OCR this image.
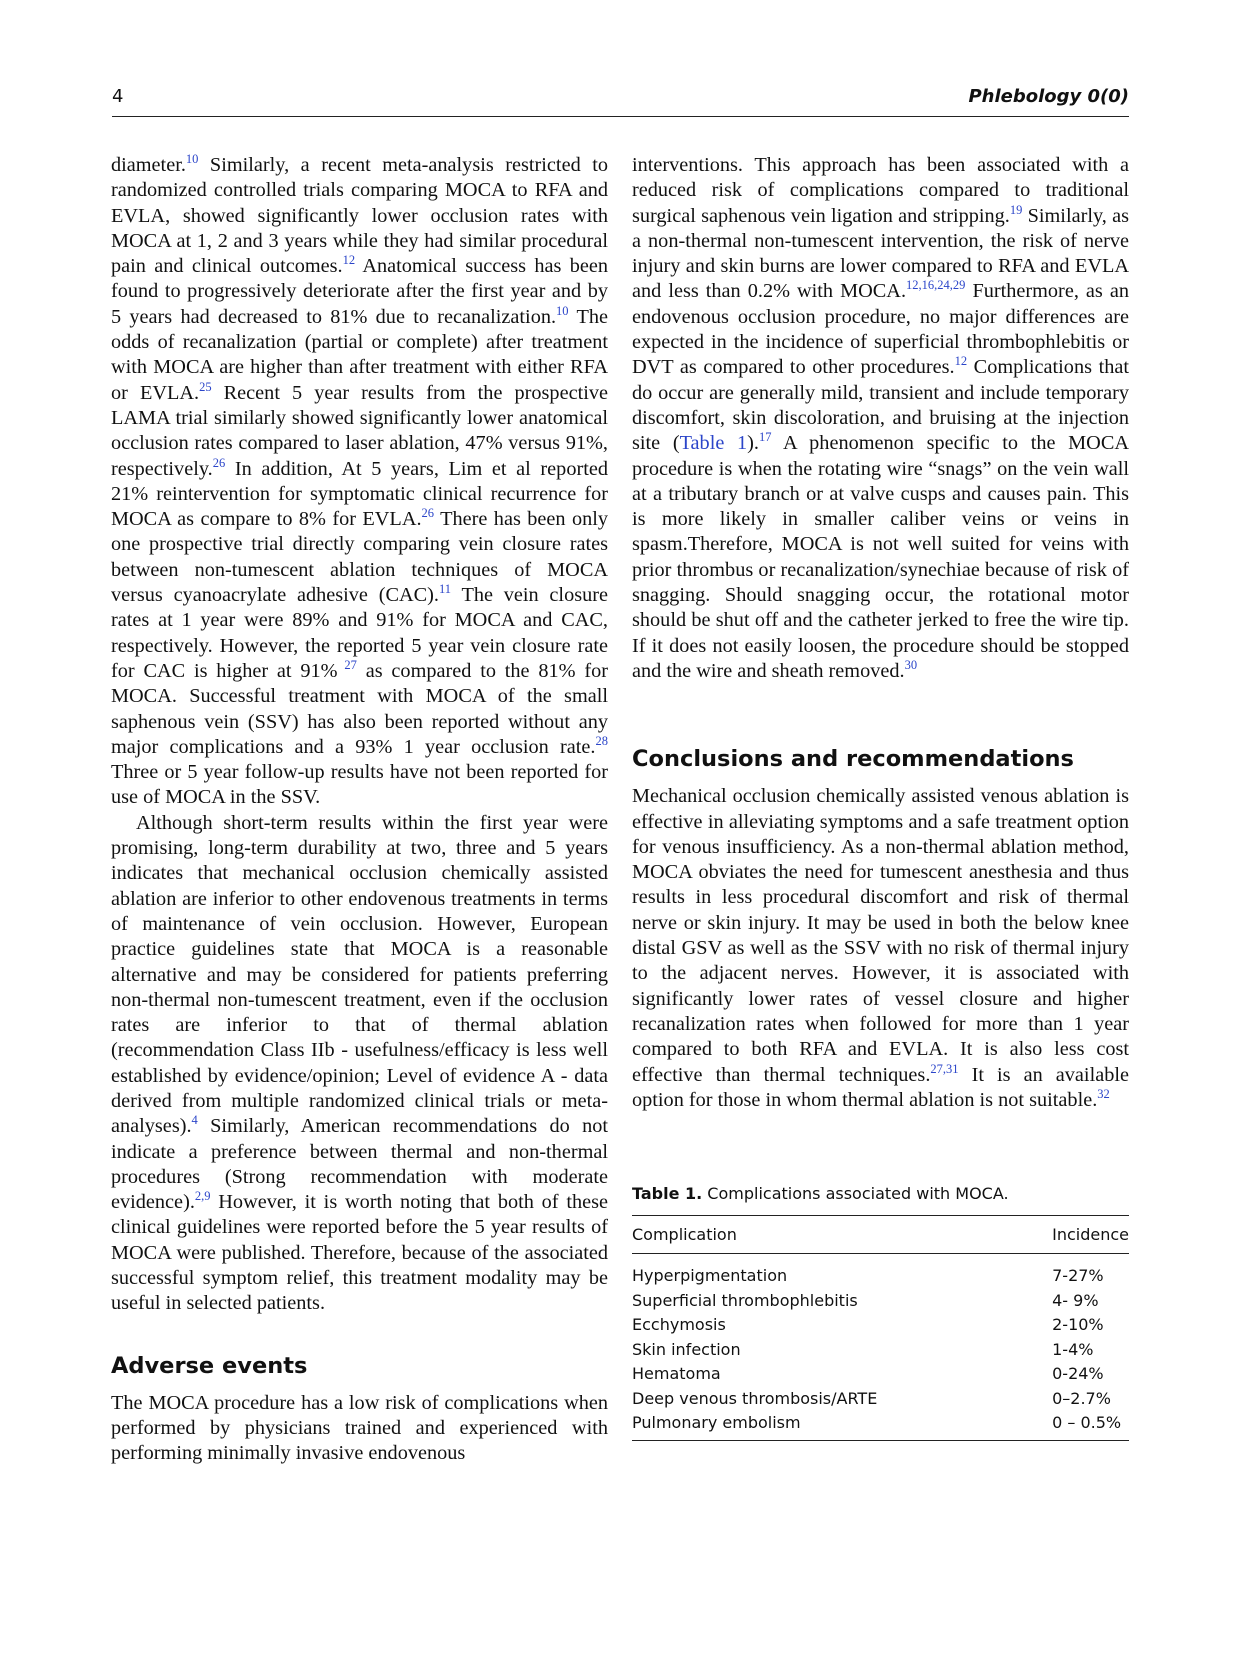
4	Phlebology 0(0)

diameter.$^{10}$ Similarly, a recent meta-analysis restricted to randomized controlled trials comparing MOCA to RFA and EVLA, showed significantly lower occlusion rates with MOCA at 1, 2 and 3 years while they had similar procedural pain and clinical outcomes.$^{12}$ Anatomical success has been found to progressively deteriorate after the first year and by 5 years had decreased to 81% due to recanalization.$^{10}$ The odds of recanalization (partial or complete) after treatment with MOCA are higher than after treatment with either RFA or EVLA.$^{25}$ Recent 5 year results from the prospective LAMA trial similarly showed significantly lower anatomical occlusion rates compared to laser ablation, 47% versus 91%, respectively.$^{26}$ In addition, At 5 years, Lim et al reported 21% reintervention for symptomatic clinical recurrence for MOCA as compare to 8% for EVLA.$^{26}$ There has been only one prospective trial directly comparing vein closure rates between non-tumescent ablation techniques of MOCA versus cyanoacrylate adhesive (CAC).$^{11}$ The vein closure rates at 1 year were 89% and 91% for MOCA and CAC, respectively. However, the reported 5 year vein closure rate for CAC is higher at 91% $^{27}$ as compared to the 81% for MOCA. Successful treatment with MOCA of the small saphenous vein (SSV) has also been reported without any major complications and a 93% 1 year occlusion rate.$^{28}$ Three or 5 year follow-up results have not been reported for use of MOCA in the SSV.

Although short-term results within the first year were promising, long-term durability at two, three and 5 years indicates that mechanical occlusion chemically assisted ablation are inferior to other endovenous treatments in terms of maintenance of vein occlusion. However, European practice guidelines state that MOCA is a reasonable alternative and may be considered for patients preferring non-thermal non-tumescent treatment, even if the occlusion rates are inferior to that of thermal ablation (recommendation Class IIb - usefulness/efficacy is less well established by evidence/opinion; Level of evidence A - data derived from multiple randomized clinical trials or meta-analyses).$^4$ Similarly, American recommendations do not indicate a preference between thermal and non-thermal procedures (Strong recommendation with moderate evidence).$^{2,9}$ However, it is worth noting that both of these clinical guidelines were reported before the 5 year results of MOCA were published. Therefore, because of the associated successful symptom relief, this treatment modality may be useful in selected patients.

Adverse events

The MOCA procedure has a low risk of complications when performed by physicians trained and experienced with performing minimally invasive endovenous

interventions. This approach has been associated with a reduced risk of complications compared to traditional surgical saphenous vein ligation and stripping.$^{19}$ Similarly, as a non-thermal non-tumescent intervention, the risk of nerve injury and skin burns are lower compared to RFA and EVLA and less than 0.2% with MOCA.$^{12,16,24,29}$ Furthermore, as an endovenous occlusion procedure, no major differences are expected in the incidence of superficial thrombophlebitis or DVT as compared to other procedures.$^{12}$ Complications that do occur are generally mild, transient and include temporary discomfort, skin discoloration, and bruising at the injection site (Table 1).$^{17}$ A phenomenon specific to the MOCA procedure is when the rotating wire “snags” on the vein wall at a tributary branch or at valve cusps and causes pain. This is more likely in smaller caliber veins or veins in spasm.Therefore, MOCA is not well suited for veins with prior thrombus or recanalization/synechiae because of risk of snagging. Should snagging occur, the rotational motor should be shut off and the catheter jerked to free the wire tip. If it does not easily loosen, the procedure should be stopped and the wire and sheath removed.$^{30}$

Conclusions and recommendations

Mechanical occlusion chemically assisted venous ablation is effective in alleviating symptoms and a safe treatment option for venous insufficiency. As a non-thermal ablation method, MOCA obviates the need for tumescent anesthesia and thus results in less procedural discomfort and risk of thermal nerve or skin injury. It may be used in both the below knee distal GSV as well as the SSV with no risk of thermal injury to the adjacent nerves. However, it is associated with significantly lower rates of vessel closure and higher recanalization rates when followed for more than 1 year compared to both RFA and EVLA. It is also less cost effective than thermal techniques.$^{27,31}$ It is an available option for those in whom thermal ablation is not suitable.$^{32}$

Table 1. Complications associated with MOCA.
Complication	Incidence
Hyperpigmentation	7-27%
Superficial thrombophlebitis	4- 9%
Ecchymosis	2-10%
Skin infection	1-4%
Hematoma	0-24%
Deep venous thrombosis/ARTE	0–2.7%
Pulmonary embolism	0 – 0.5%
